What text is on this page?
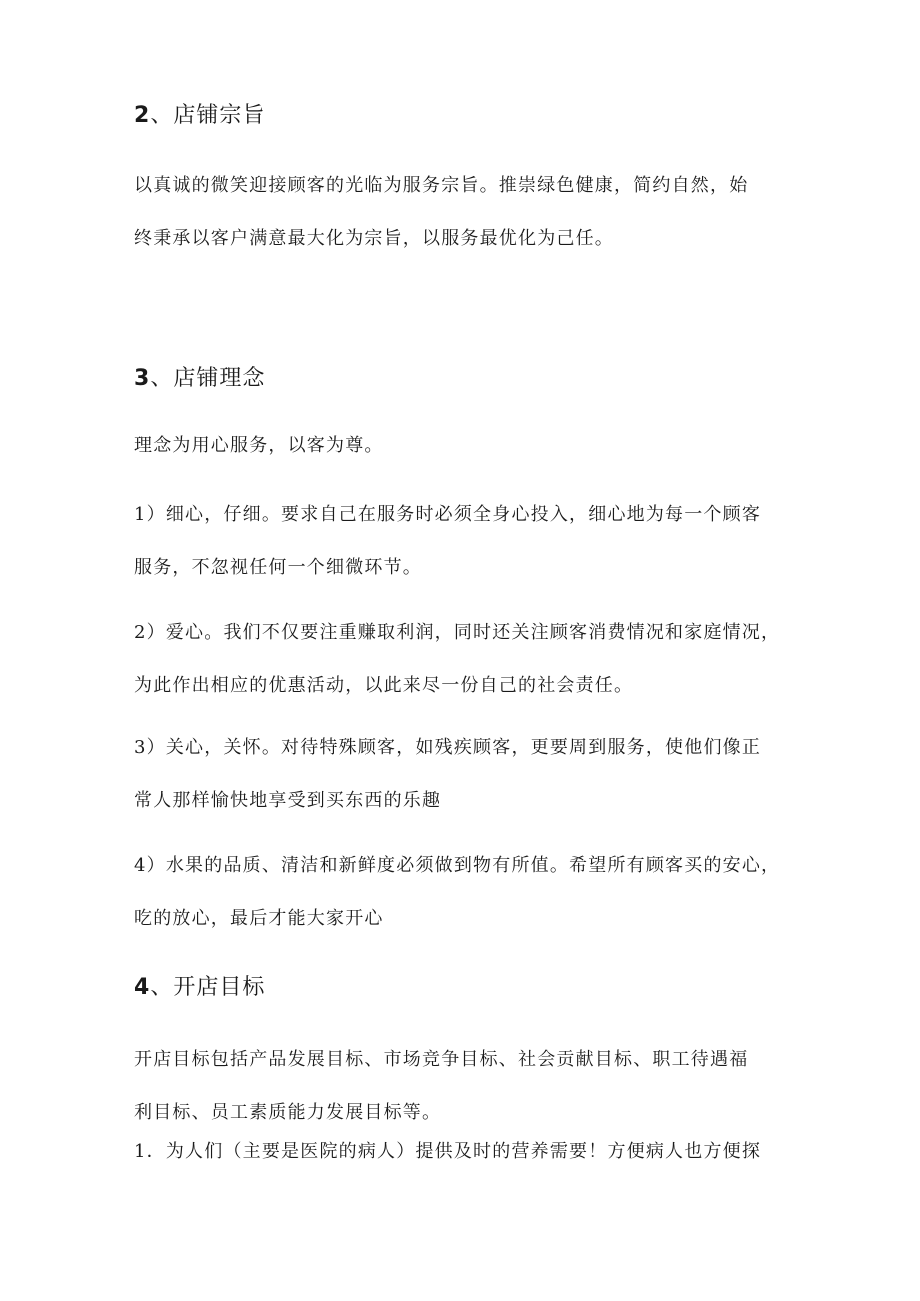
2、店铺宗旨
以真诚的微笑迎接顾客的光临为服务宗旨。推崇绿色健康，简约自然，始
终秉承以客户满意最大化为宗旨，以服务最优化为己任。
3、店铺理念
理念为用心服务，以客为尊。
1）细心，仔细。要求自己在服务时必须全身心投入，细心地为每一个顾客
服务，不忽视任何一个细微环节。
2）爱心。我们不仅要注重赚取利润，同时还关注顾客消费情况和家庭情况，
为此作出相应的优惠活动，以此来尽一份自己的社会责任。
3）关心，关怀。对待特殊顾客，如残疾顾客，更要周到服务，使他们像正
常人那样愉快地享受到买东西的乐趣
4）水果的品质、清洁和新鲜度必须做到物有所值。希望所有顾客买的安心，
吃的放心，最后才能大家开心
4、开店目标
开店目标包括产品发展目标、市场竞争目标、社会贡献目标、职工待遇福
利目标、员工素质能力发展目标等。
1．为人们（主要是医院的病人）提供及时的营养需要！方便病人也方便探
